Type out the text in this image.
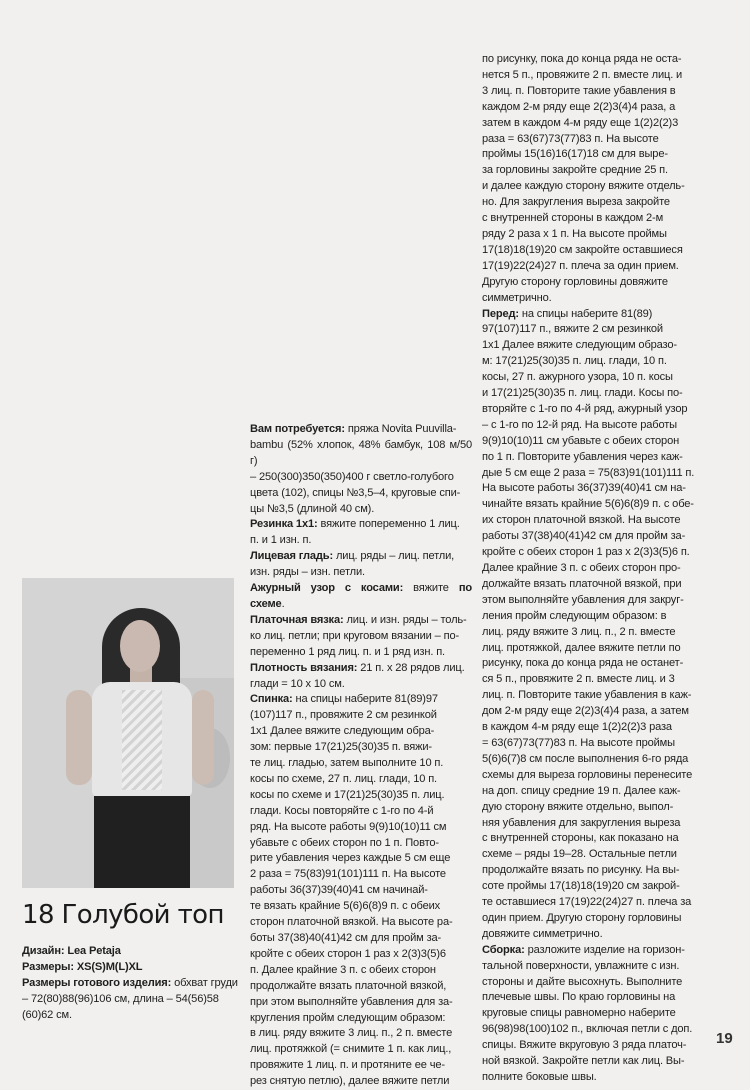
по рисунку, пока до конца ряда не оста-

нется 5 п., провяжите 2 п. вместе лиц. и

3 лиц. п. Повторите такие убавления в

каждом 2-м ряду еще 2(2)3(4)4 раза, а

затем в каждом 4-м ряду еще 1(2)2(2)3

раза = 63(67)73(77)83 п. На высоте

проймы 15(16)16(17)18 см для выре-

за горловины закройте средние 25 п.

и далее каждую сторону вяжите отдель-

но. Для закругления выреза закройте

с внутренней стороны в каждом 2-м

ряду 2 раза х 1 п. На высоте проймы

17(18)18(19)20 см закройте оставшиеся

17(19)22(24)27 п. плеча за один прием.

Другую сторону горловины довяжите

симметрично.

Перед: на спицы наберите 81(89)

97(107)117 п., вяжите 2 см резинкой

1х1 Далее вяжите следующим образо-

м: 17(21)25(30)35 п. лиц. глади, 10 п.

косы, 27 п. ажурного узора, 10 п. косы

и 17(21)25(30)35 п. лиц. глади. Косы по-

вторяйте с 1-го по 4-й ряд, ажурный узор

– с 1-го по 12-й ряд. На высоте работы

9(9)10(10)11 см убавьте с обеих сторон

по 1 п. Повторите убавления через каж-

дые 5 см еще 2 раза = 75(83)91(101)111 п.

На высоте работы 36(37)39(40)41 см на-

чинайте вязать крайние 5(6)6(8)9 п. с обе-

их сторон платочной вязкой. На высоте

работы 37(38)40(41)42 см для пройм за-

кройте с обеих сторон 1 раз х 2(3)3(5)6 п.

Далее крайние 3 п. с обеих сторон про-

должайте вязать платочной вязкой, при

этом выполняйте убавления для закруг-

ления пройм следующим образом: в

лиц. ряду вяжите 3 лиц. п., 2 п. вместе

лиц. протяжкой, далее вяжите петли по

рисунку, пока до конца ряда не останет-

ся 5 п., провяжите 2 п. вместе лиц. и 3

лиц. п. Повторите такие убавления в каж-

дом 2-м ряду еще 2(2)3(4)4 раза, а затем

в каждом 4-м ряду еще 1(2)2(2)3 раза

= 63(67)73(77)83 п. На высоте проймы

5(6)6(7)8 см после выполнения 6-го ряда

схемы для выреза горловины перенесите

на доп. спицу средние 19 п. Далее каж-

дую сторону вяжите отдельно, выпол-

няя убавления для закругления выреза

с внутренней стороны, как показано на

схеме – ряды 19–28. Остальные петли

продолжайте вязать по рисунку. На вы-

соте проймы 17(18)18(19)20 см закрой-

те оставшиеся 17(19)22(24)27 п. плеча за

один прием. Другую сторону горловины

довяжите симметрично.

Сборка: разложите изделие на горизон-

тальной поверхности, увлажните с изн.

стороны и дайте высохнуть. Выполните

плечевые швы. По краю горловины на

круговые спицы равномерно наберите

96(98)98(100)102 п., включая петли с доп.

спицы. Вяжите вкруговую 3 ряда платоч-

ной вязкой. Закройте петли как лиц. Вы-

полните боковые швы.

Вам потребуется: пряжа Novita Puuvilla-

bambu (52% хлопок, 48% бамбук, 108 м/50 г)

– 250(300)350(350)400 г светло-голубого

цвета (102), спицы №3,5–4, круговые спи-

цы №3,5 (длиной 40 см).

Резинка 1х1: вяжите попеременно 1 лиц.

п. и 1 изн. п.

Лицевая гладь: лиц. ряды – лиц. петли,

изн. ряды – изн. петли.

Ажурный узор с косами: вяжите по схеме.

Платочная вязка: лиц. и изн. ряды – толь-

ко лиц. петли; при круговом вязании – по-

переменно 1 ряд лиц. п. и 1 ряд изн. п.

Плотность вязания: 21 п. х 28 рядов лиц.

глади = 10 х 10 см.

Спинка: на спицы наберите 81(89)97

(107)117 п., провяжите 2 см резинкой

1х1 Далее вяжите следующим обра-

зом: первые 17(21)25(30)35 п. вяжи-

те лиц. гладью, затем выполните 10 п.

косы по схеме, 27 п. лиц. глади, 10 п.

косы по схеме и 17(21)25(30)35 п. лиц.

глади. Косы повторяйте с 1-го по 4-й

ряд. На высоте работы 9(9)10(10)11 см

убавьте с обеих сторон по 1 п. Повто-

рите убавления через каждые 5 см еще

2 раза = 75(83)91(101)111 п. На высоте

работы 36(37)39(40)41 см начинай-

те вязать крайние 5(6)6(8)9 п. с обеих

сторон платочной вязкой. На высоте ра-

боты 37(38)40(41)42 см для пройм за-

кройте с обеих сторон 1 раз х 2(3)3(5)6

п. Далее крайние 3 п. с обеих сторон

продолжайте вязать платочной вязкой,

при этом выполняйте убавления для за-

кругления пройм следующим образом:

в лиц. ряду вяжите 3 лиц. п., 2 п. вместе

лиц. протяжкой (= снимите 1 п. как лиц.,

провяжите 1 лиц. п. и протяните ее че-

рез снятую петлю), далее вяжите петли

18 Голубой топ

Дизайн: Lea Petaja

Размеры: XS(S)M(L)XL

Размеры готового изделия: обхват груди

– 72(80)88(96)106 см, длина – 54(56)58

(60)62 см.

19
